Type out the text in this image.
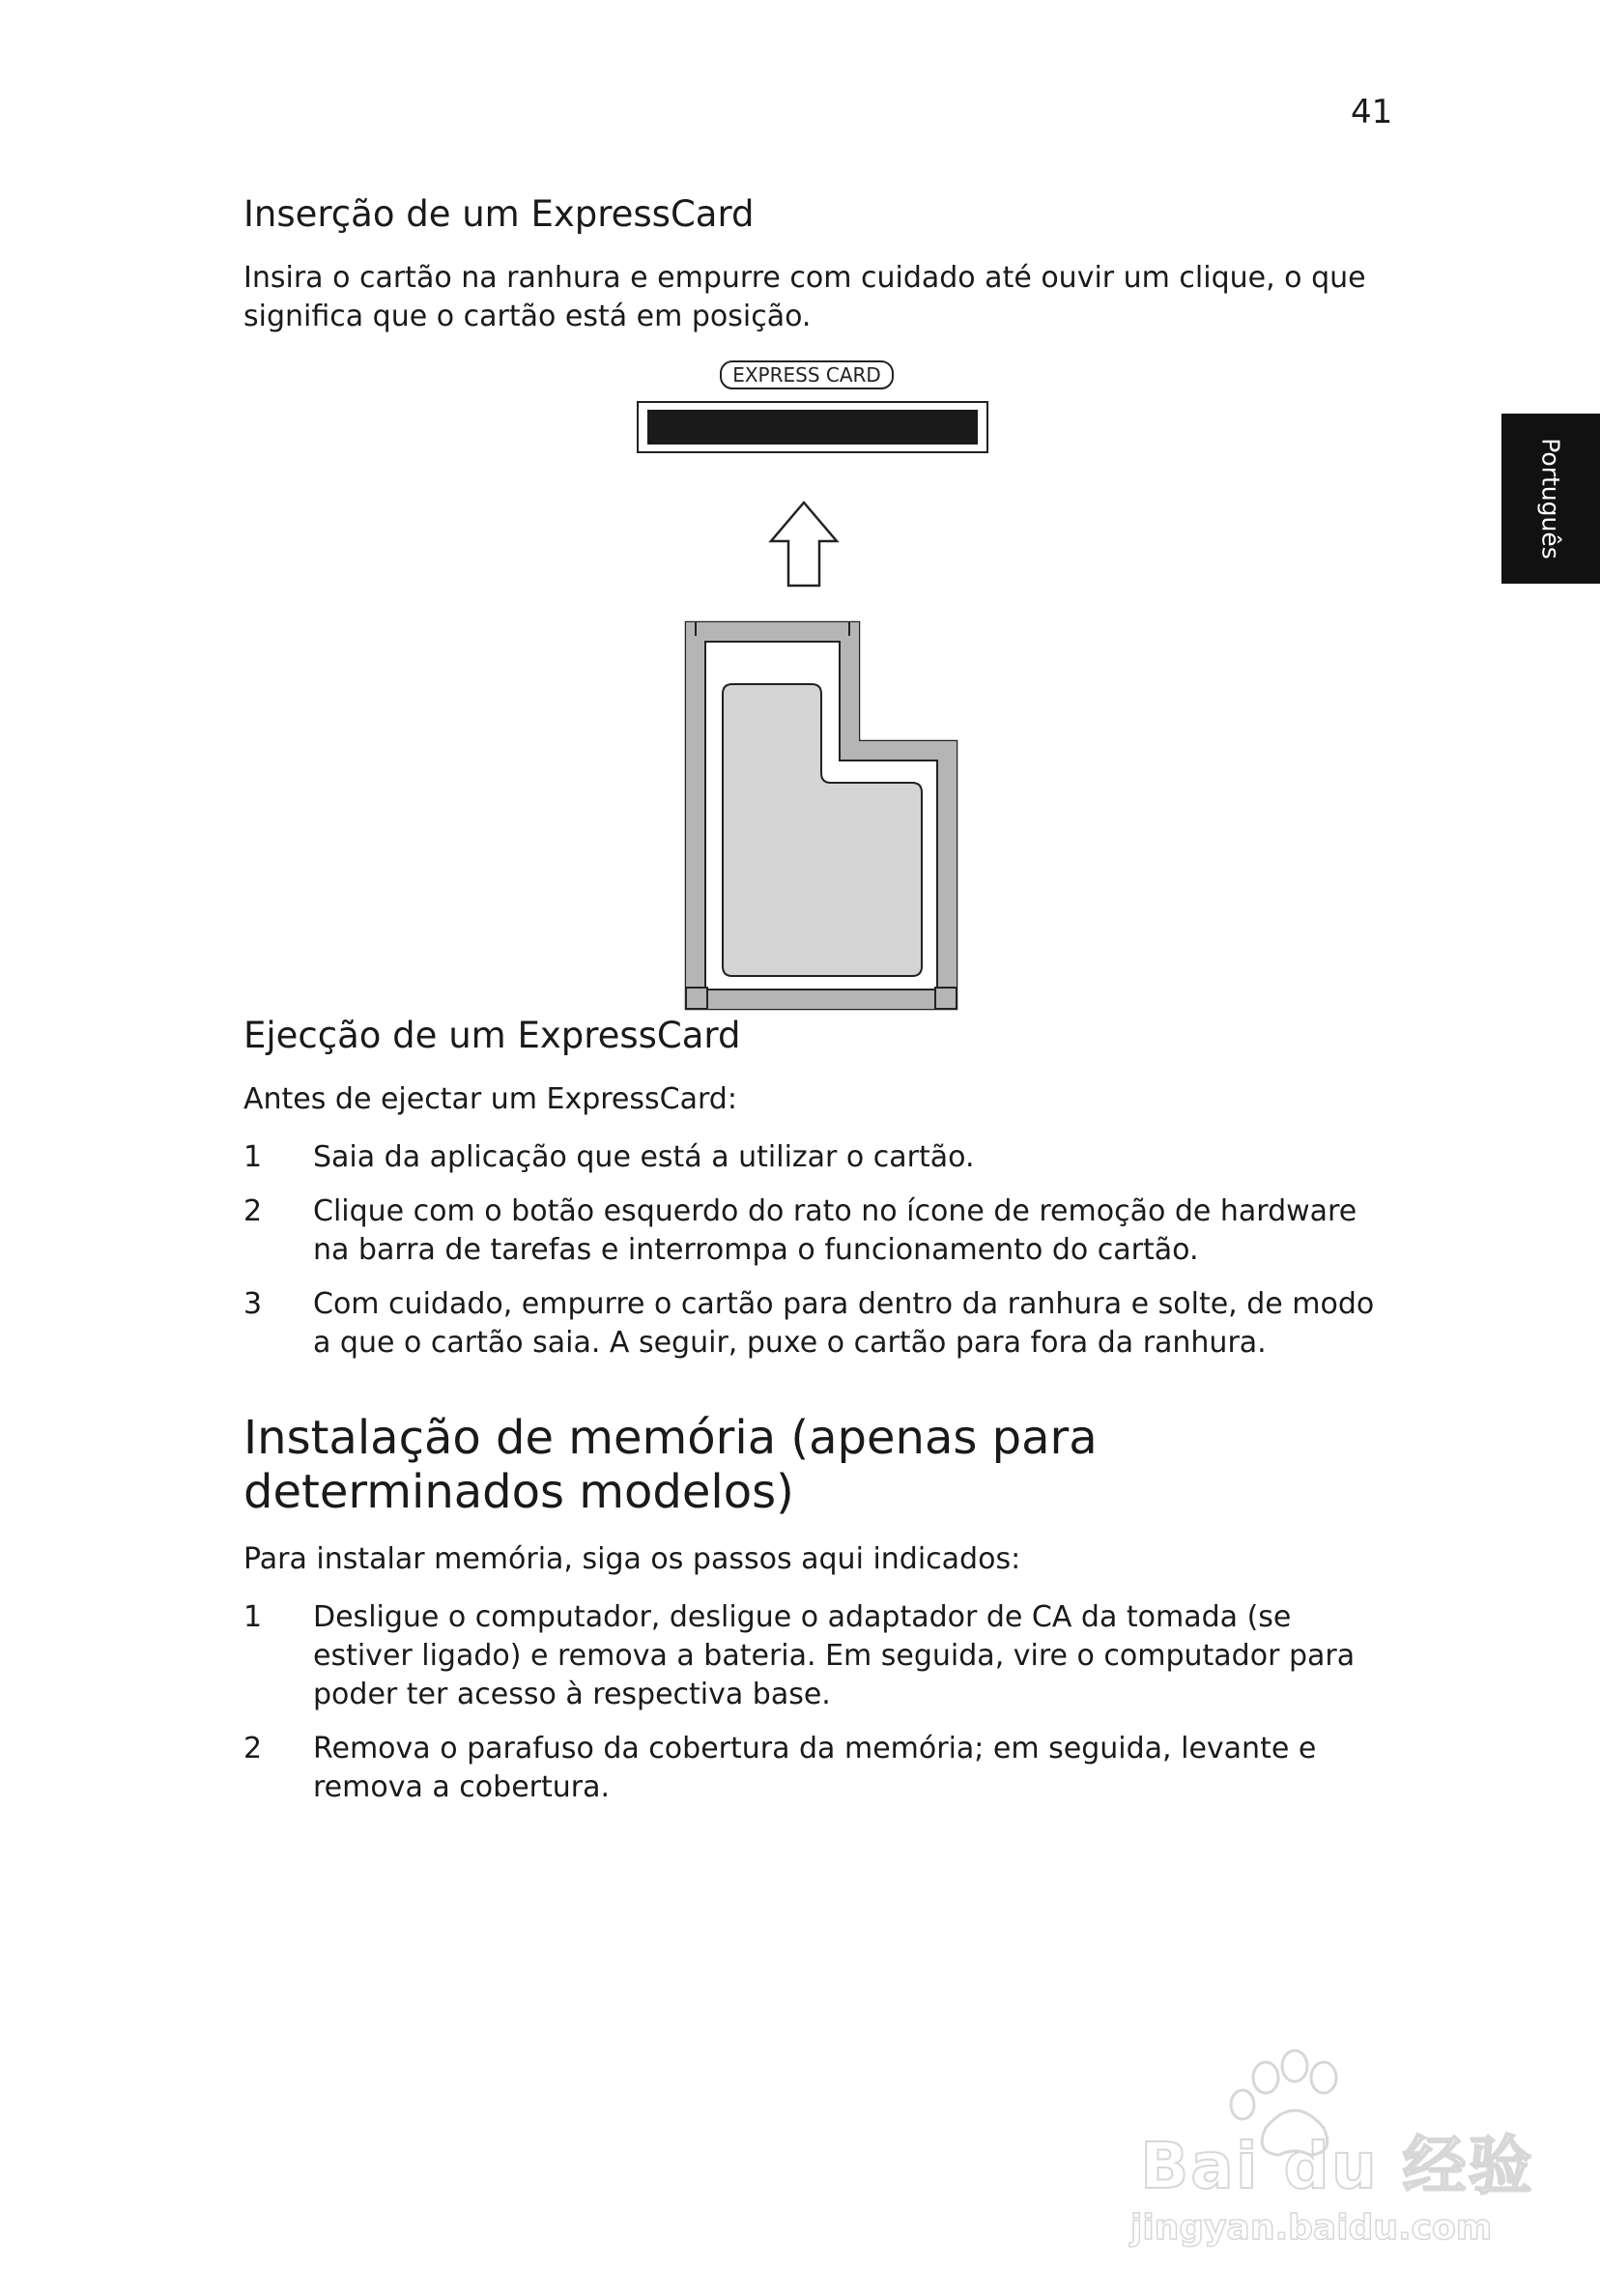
41
Português
Inserção de um ExpressCard

Insira o cartão na ranhura e empurre com cuidado até ouvir um clique, o que significa que o cartão está em posição.

EXPRESS CARD
Ejecção de um ExpressCard

Antes de ejectar um ExpressCard:

1	Saia da aplicação que está a utilizar o cartão.
2	Clique com o botão esquerdo do rato no ícone de remoção de hardware na barra de tarefas e interrompa o funcionamento do cartão.
3	Com cuidado, empurre o cartão para dentro da ranhura e solte, de modo a que o cartão saia. A seguir, puxe o cartão para fora da ranhura.
Instalação de memória (apenas para determinados modelos)

Para instalar memória, siga os passos aqui indicados:

1	Desligue o computador, desligue o adaptador de CA da tomada (se estiver ligado) e remova a bateria. Em seguida, vire o computador para poder ter acesso à respectiva base.
2	Remova o parafuso da cobertura da memória; em seguida, levante e remova a cobertura.
Bai du 经验
jingyan.baidu.com
